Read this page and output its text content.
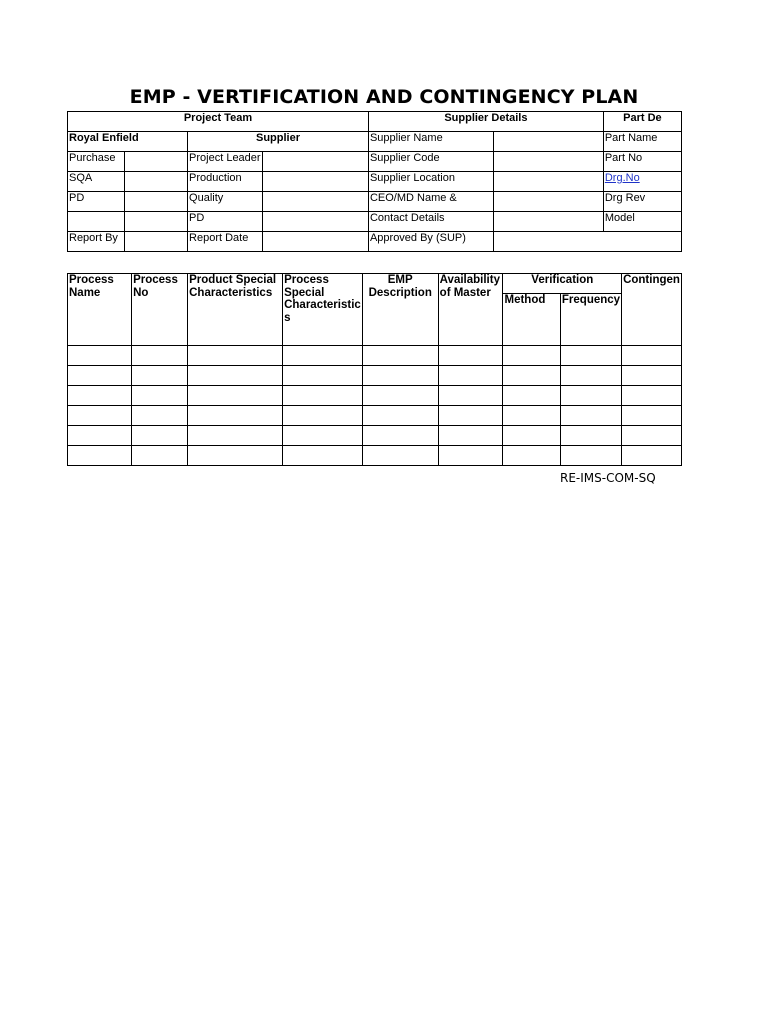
EMP - VERTIFICATION AND CONTINGENCY PLAN
Project Team				Supplier Details		Part De
Royal Enfield		Supplier		Supplier Name		Part Name
Purchase		Project Leader		Supplier Code		Part No
SQA		Production		Supplier Location		Drg.No
PD		Quality		CEO/MD Name &		Drg Rev
		PD		Contact Details		Model
Report By		Report Date		Approved By (SUP)		
Process Name	Process No	Product Special Characteristics	Process Special Characteristic s	EMP Description	Availability of Master	Verification		Contingen
						Method	Frequency	

RE-IMS-COM-SQ
